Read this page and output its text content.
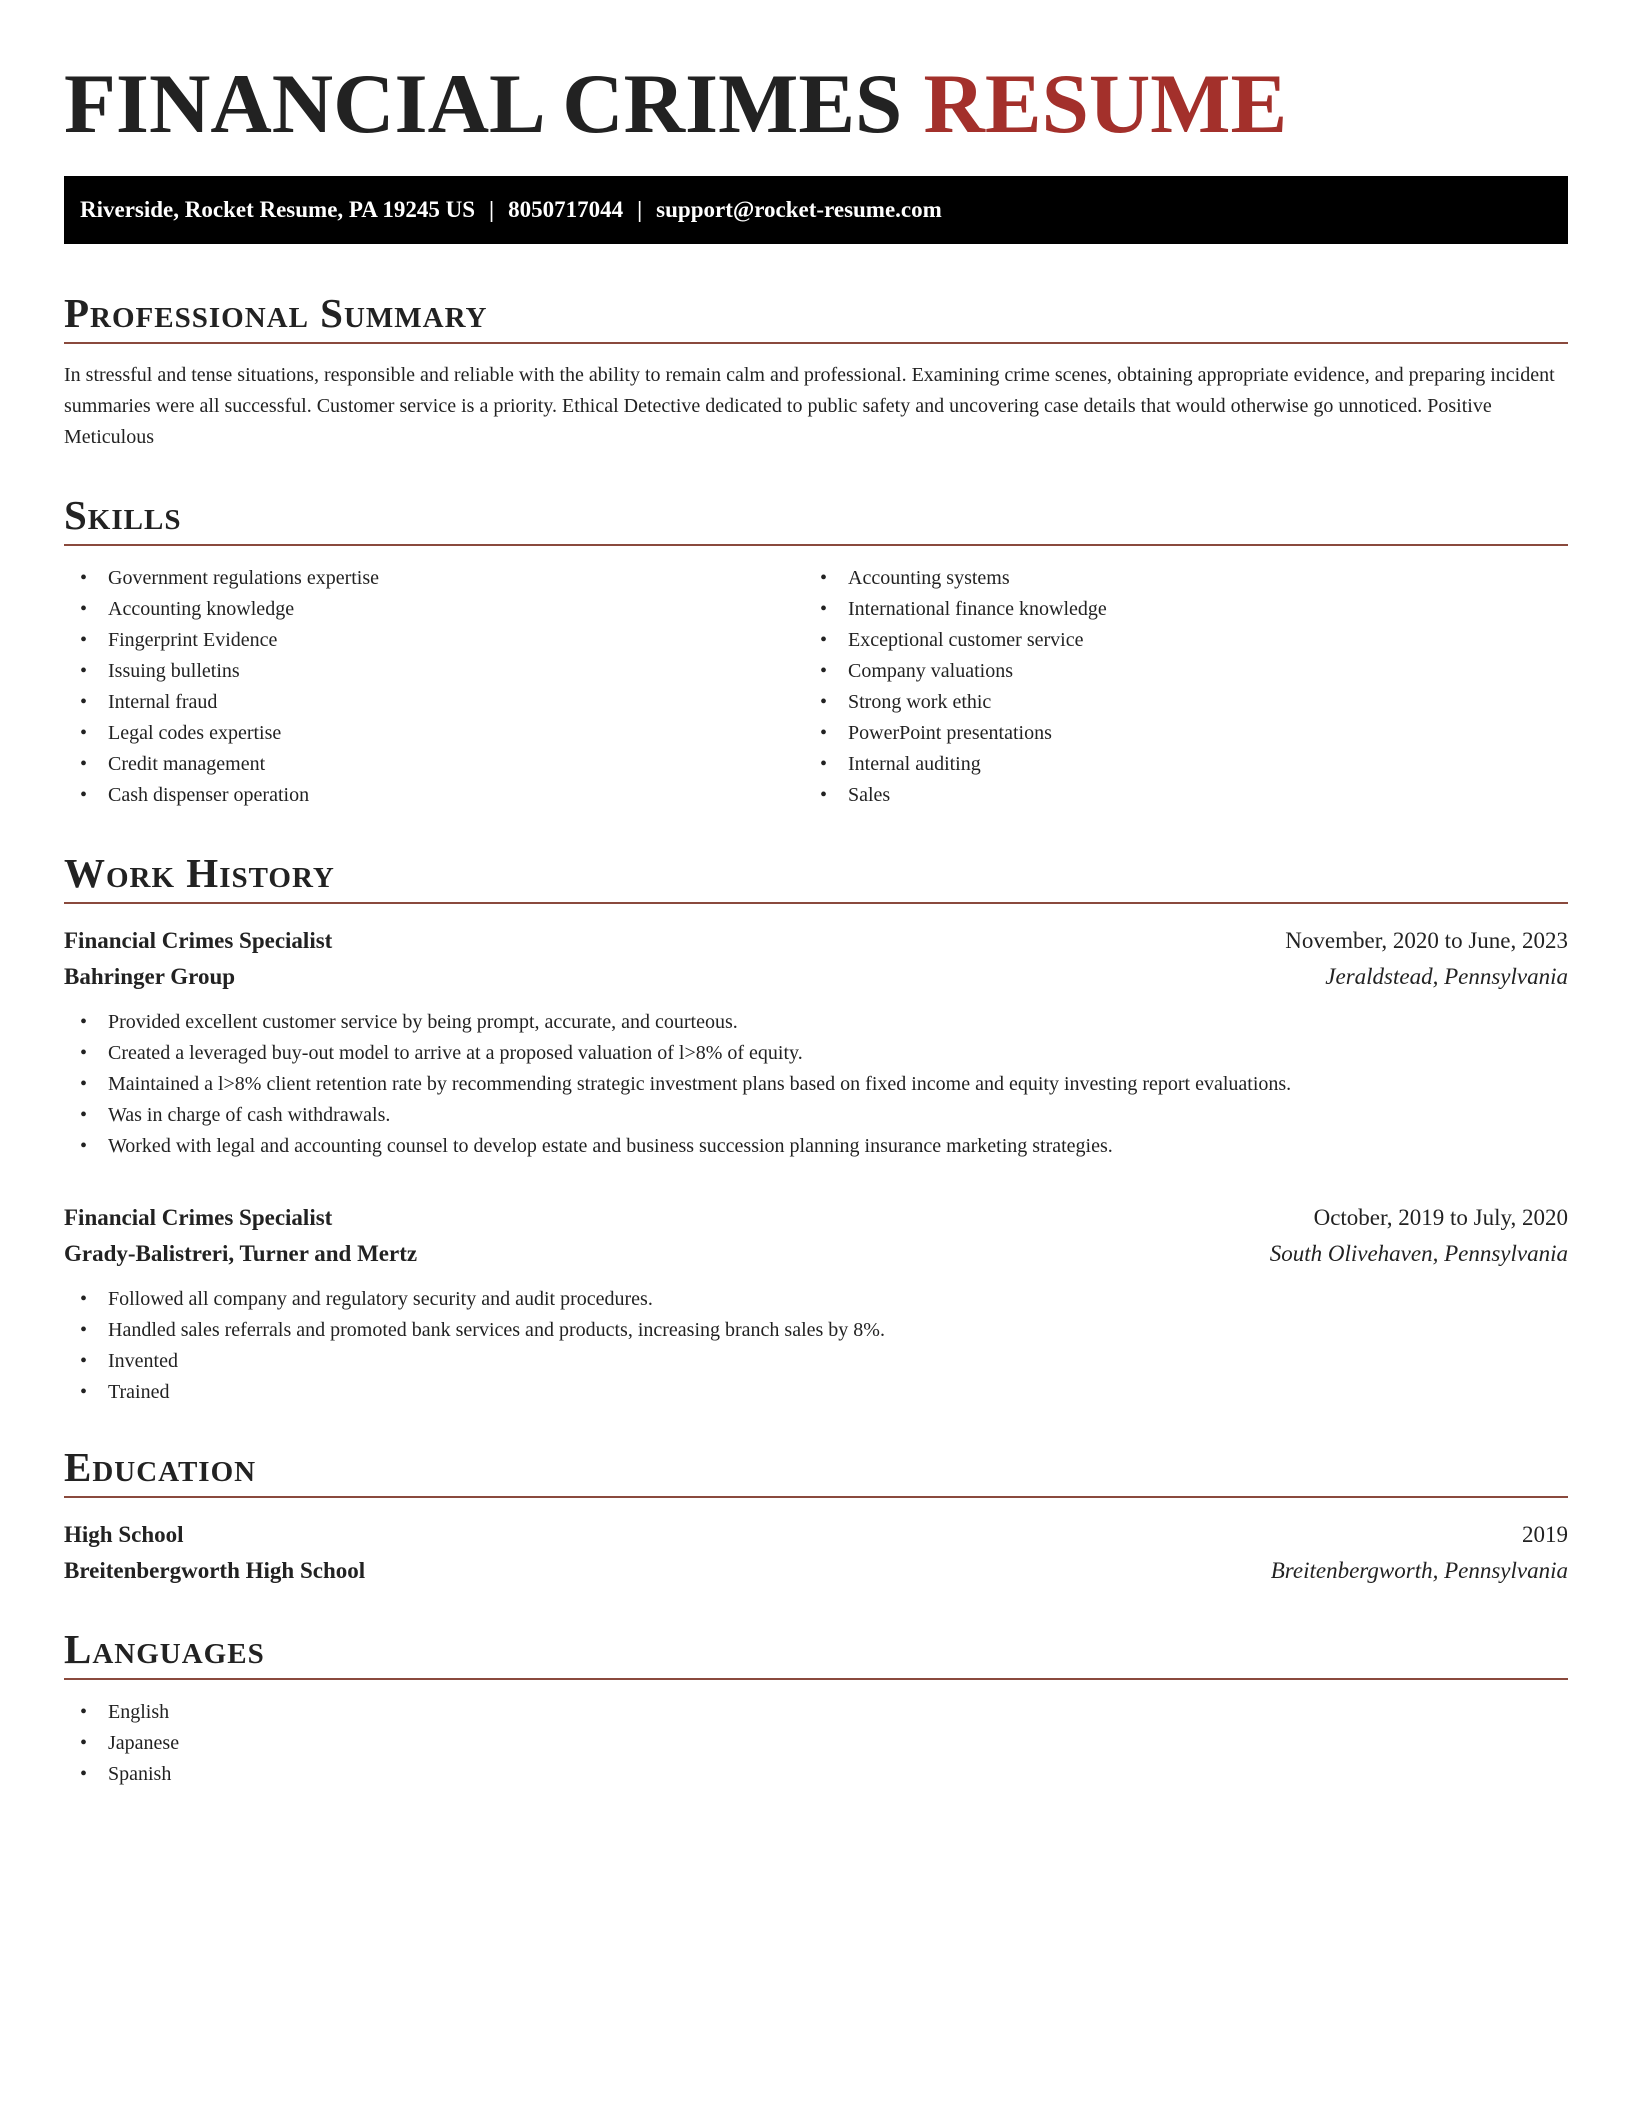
FINANCIAL CRIMES RESUME
Riverside, Rocket Resume, PA 19245 US | 8050717044 | support@rocket-resume.com
Professional Summary

In stressful and tense situations, responsible and reliable with the ability to remain calm and professional. Examining crime scenes, obtaining appropriate evidence, and preparing incident summaries were all successful. Customer service is a priority. Ethical Detective dedicated to public safety and uncovering case details that would otherwise go unnoticed. Positive Meticulous

Skills
• Government regulations expertise
• Accounting knowledge
• Fingerprint Evidence
• Issuing bulletins
• Internal fraud
• Legal codes expertise
• Credit management
• Cash dispenser operation
• Accounting systems
• International finance knowledge
• Exceptional customer service
• Company valuations
• Strong work ethic
• PowerPoint presentations
• Internal auditing
• Sales
Work History
Financial Crimes Specialist	November, 2020 to June, 2023
Bahringer Group	Jeraldstead, Pennsylvania
• Provided excellent customer service by being prompt, accurate, and courteous.
• Created a leveraged buy-out model to arrive at a proposed valuation of l>8% of equity.
• Maintained a l>8% client retention rate by recommending strategic investment plans based on fixed income and equity investing report evaluations.
• Was in charge of cash withdrawals.
• Worked with legal and accounting counsel to develop estate and business succession planning insurance marketing strategies.
Financial Crimes Specialist	October, 2019 to July, 2020
Grady-Balistreri, Turner and Mertz	South Olivehaven, Pennsylvania
• Followed all company and regulatory security and audit procedures.
• Handled sales referrals and promoted bank services and products, increasing branch sales by 8%.
• Invented
• Trained
Education
High School	2019
Breitenbergworth High School	Breitenbergworth, Pennsylvania
Languages
• English
• Japanese
• Spanish
